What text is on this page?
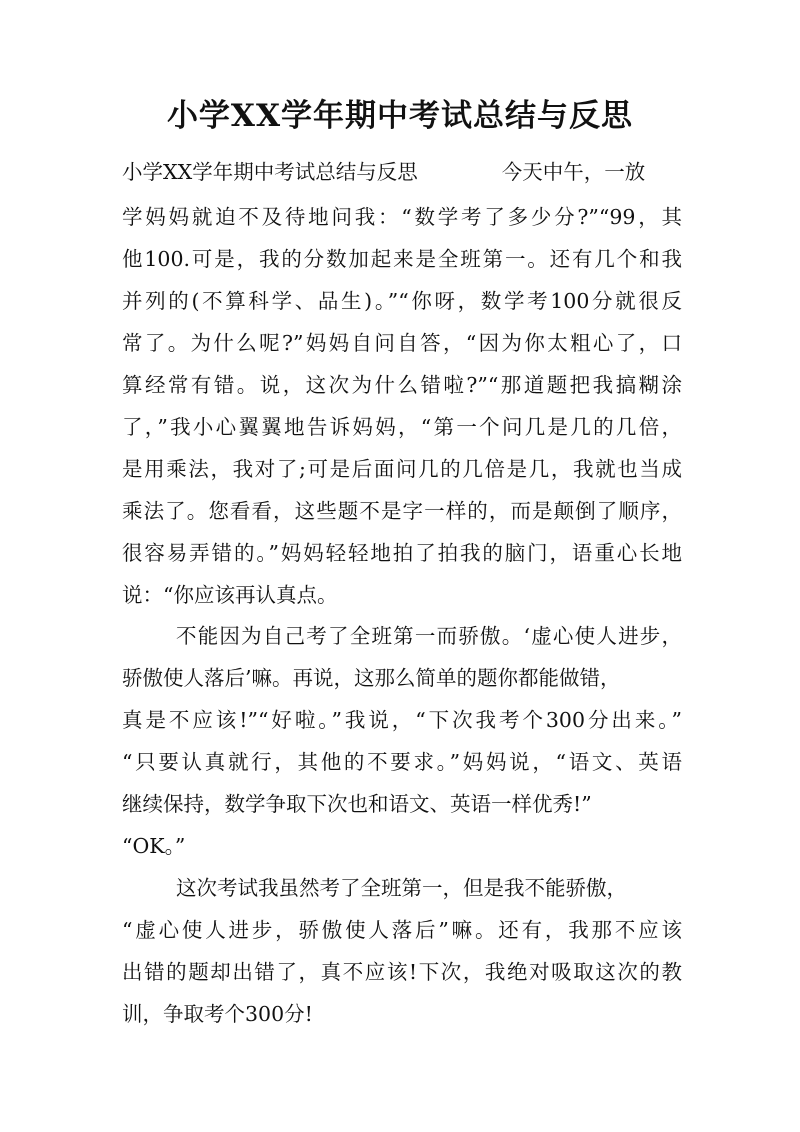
小学XX学年期中考试总结与反思
小学XX学年期中考试总结与反思	今天中午，一放
学妈妈就迫不及待地问我：“数学考了多少分?”“99，其
他100.可是，我的分数加起来是全班第一。还有几个和我
并列的(不算科学、品生)。”“你呀，数学考100分就很反
常了。为什么呢?”妈妈自问自答，“因为你太粗心了，口
算经常有错。说，这次为什么错啦?”“那道题把我搞糊涂
了，”我小心翼翼地告诉妈妈，“第一个问几是几的几倍，
是用乘法，我对了;可是后面问几的几倍是几，我就也当成
乘法了。您看看，这些题不是字一样的，而是颠倒了顺序，
很容易弄错的。”妈妈轻轻地拍了拍我的脑门，语重心长地
说：“你应该再认真点。
不能因为自己考了全班第一而骄傲。‘虚心使人进步，
骄傲使人落后’嘛。再说，这那么简单的题你都能做错，
真是不应该!”“好啦。”我说，“下次我考个300分出来。”
“只要认真就行，其他的不要求。”妈妈说，“语文、英语
继续保持，数学争取下次也和语文、英语一样优秀!”
“OK。”
这次考试我虽然考了全班第一，但是我不能骄傲，
“虚心使人进步，骄傲使人落后”嘛。还有，我那不应该
出错的题却出错了，真不应该!下次，我绝对吸取这次的教
训，争取考个300分!
